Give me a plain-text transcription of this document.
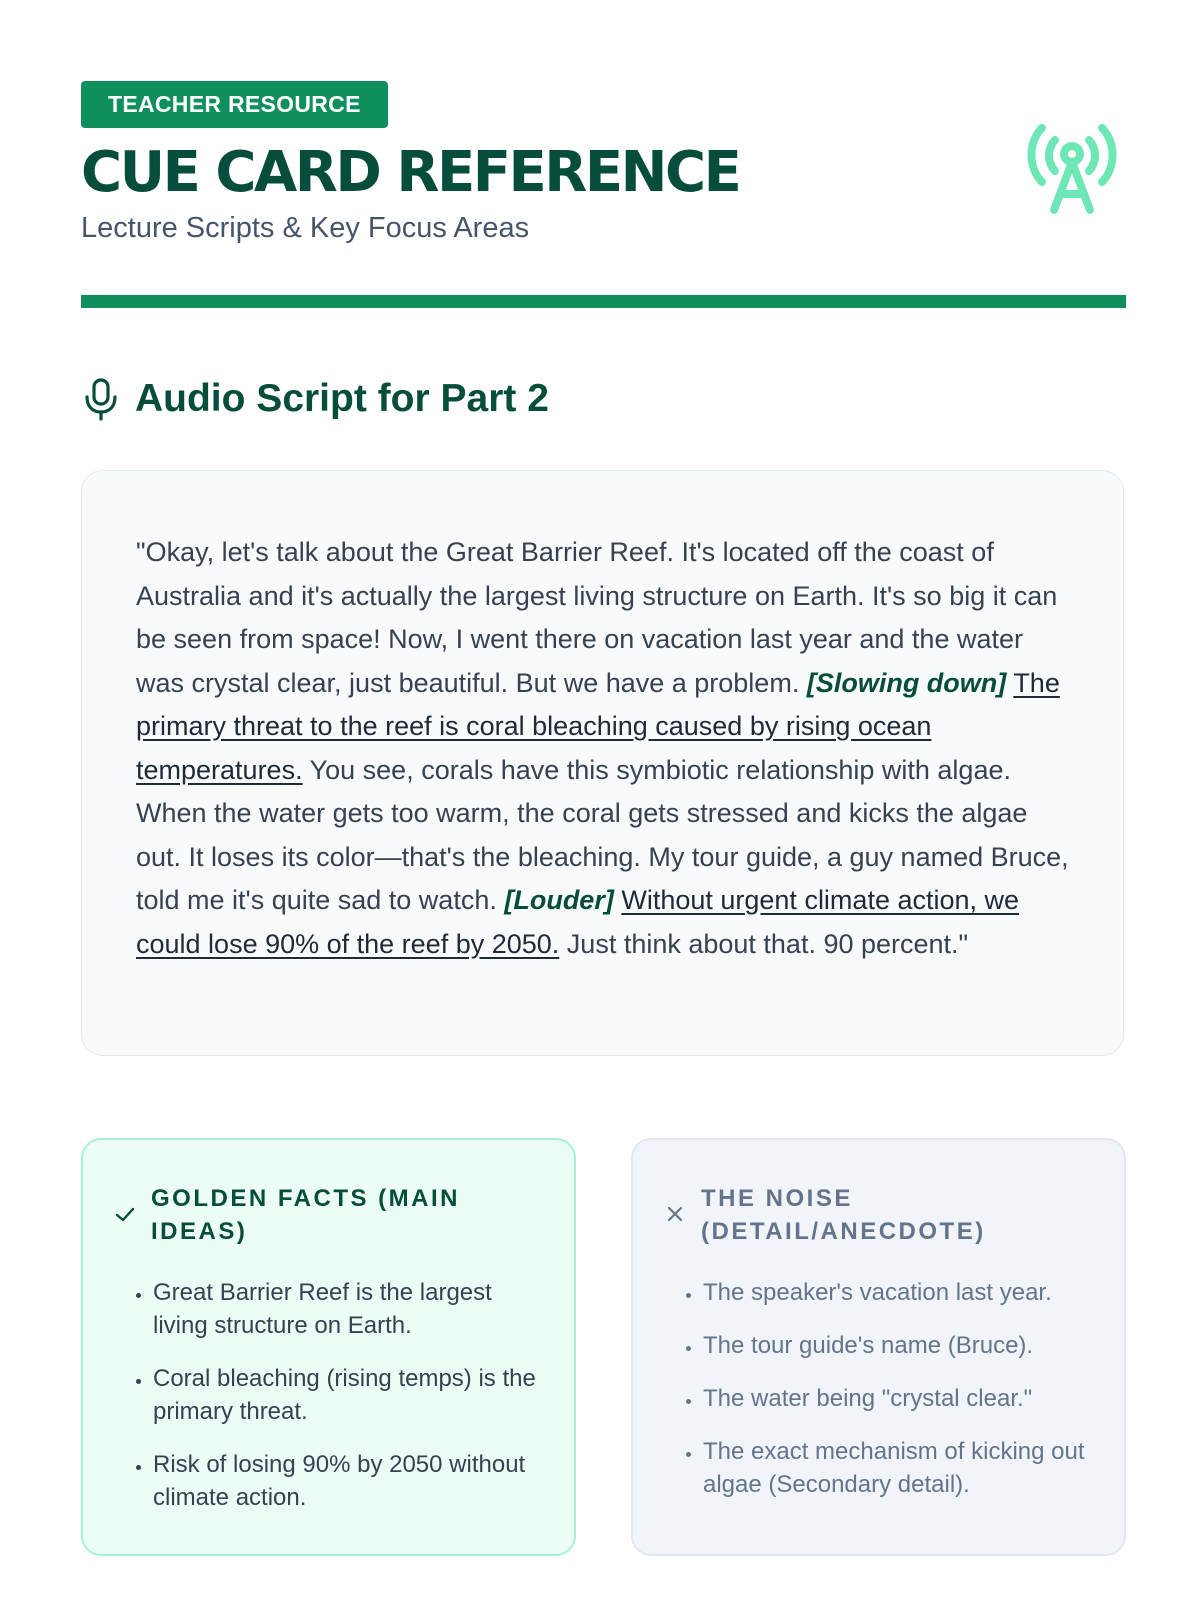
TEACHER RESOURCE
CUE CARD REFERENCE

Lecture Scripts & Key Focus Areas

Audio Script for Part 2

"Okay, let's talk about the Great Barrier Reef. It's located off the coast of Australia and it's actually the largest living structure on Earth. It's so big it can be seen from space! Now, I went there on vacation last year and the water was crystal clear, just beautiful. But we have a problem. [Slowing down] The primary threat to the reef is coral bleaching caused by rising ocean temperatures. You see, corals have this symbiotic relationship with algae. When the water gets too warm, the coral gets stressed and kicks the algae out. It loses its color—that's the bleaching. My tour guide, a guy named Bruce, told me it's quite sad to watch. [Louder] Without urgent climate action, we could lose 90% of the reef by 2050. Just think about that. 90 percent."

GOLDEN FACTS (MAIN IDEAS)
• Great Barrier Reef is the largest living structure on Earth.
• Coral bleaching (rising temps) is the primary threat.
• Risk of losing 90% by 2050 without climate action.
THE NOISE (DETAIL/ANECDOTE)
• The speaker's vacation last year.
• The tour guide's name (Bruce).
• The water being "crystal clear."
• The exact mechanism of kicking out algae (Secondary detail).
